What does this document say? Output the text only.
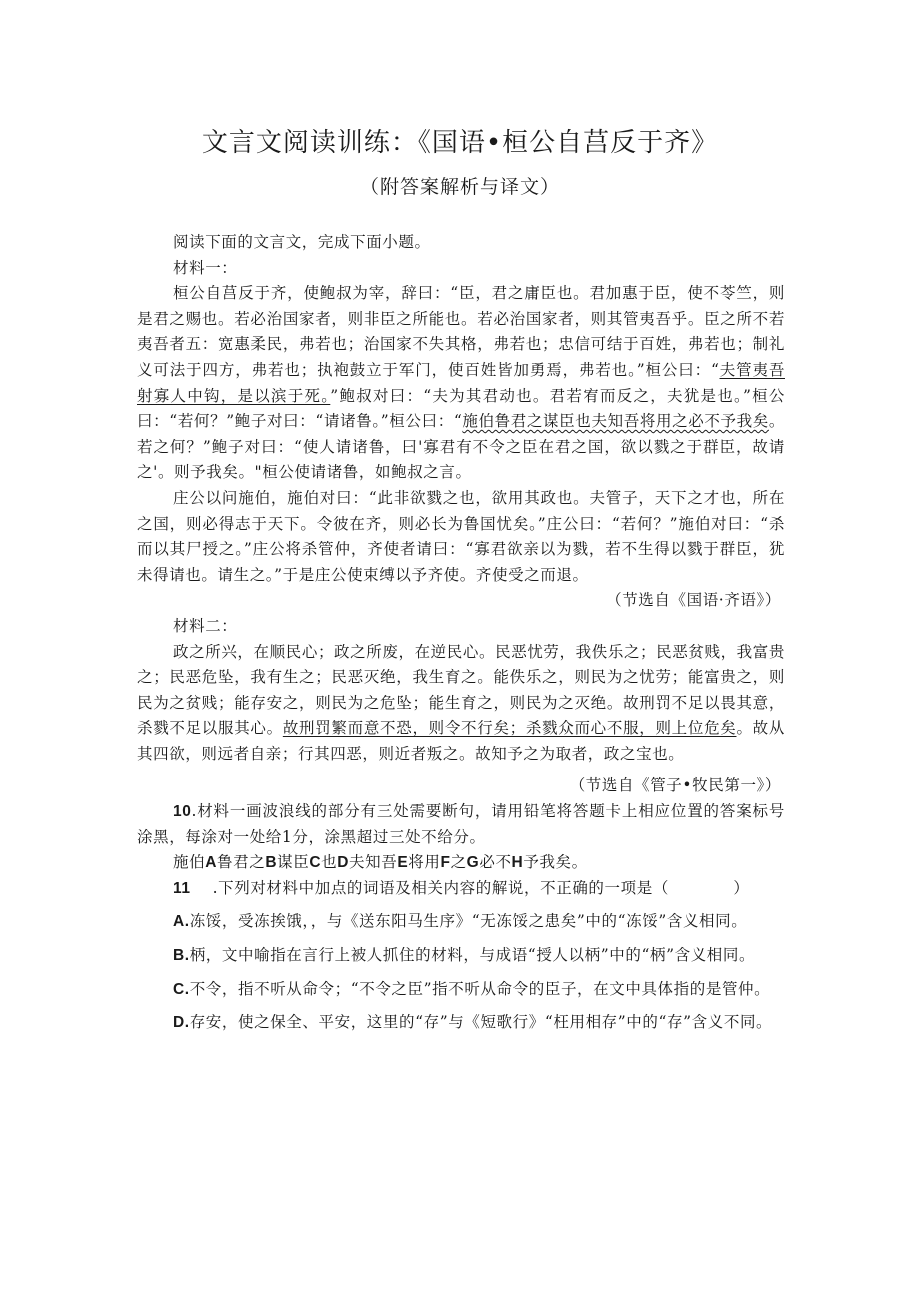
文言文阅读训练：《国语•桓公自莒反于齐》
（附答案解析与译文）

阅读下面的文言文，完成下面小题。

材料一：

桓公自莒反于齐，使鲍叔为宰，辞曰：“臣，君之庸臣也。君加惠于臣，使不苓竺，则是君之赐也。若必治国家者，则非臣之所能也。若必治国家者，则其管夷吾乎。臣之所不若夷吾者五：宽惠柔民，弗若也；治国家不失其格，弗若也；忠信可结于百姓，弗若也；制礼义可法于四方，弗若也；执袍鼓立于军门，使百姓皆加勇焉，弗若也。”桓公曰：“夫管夷吾射寡人中钩，是以滨于死。”鲍叔对曰：“夫为其君动也。君若宥而反之，夫犹是也。”桓公曰：“若何？”鲍子对曰：“请诸鲁。”桓公曰：“施伯鲁君之谋臣也夫知吾将用之必不予我矣。若之何？”鲍子对曰：“使人请诸鲁，曰'寡君有不令之臣在君之国，欲以戮之于群臣，故请之'。则予我矣。"桓公使请诸鲁，如鲍叔之言。

庄公以问施伯，施伯对曰：“此非欲戮之也，欲用其政也。夫管子，天下之才也，所在之国，则必得志于天下。令彼在齐，则必长为鲁国忧矣。”庄公曰：“若何？”施伯对曰：“杀而以其尸授之。”庄公将杀管仲，齐使者请曰：“寡君欲亲以为戮，若不生得以戮于群臣，犹未得请也。请生之。”于是庄公使束缚以予齐使。齐使受之而退。

（节选自《国语·齐语》）

材料二：

政之所兴，在顺民心；政之所废，在逆民心。民恶忧劳，我佚乐之；民恶贫贱，我富贵之；民恶危坠，我有生之；民恶灭绝，我生育之。能佚乐之，则民为之忧劳；能富贵之，则民为之贫贱；能存安之，则民为之危坠；能生育之，则民为之灭绝。故刑罚不足以畏其意，杀戮不足以服其心。故刑罚繁而意不恐，则令不行矣；杀戮众而心不服，则上位危矣。故从其四欲，则远者自亲；行其四恶，则近者叛之。故知予之为取者，政之宝也。

（节选自《管子•牧民第一》）

10.材料一画波浪线的部分有三处需要断句，请用铅笔将答题卡上相应位置的答案标号涂黑，每涂对一处给1分，涂黑超过三处不给分。

施伯A鲁君之B谋臣C也D夫知吾E将用F之G必不H予我矣。

11 .下列对材料中加点的词语及相关内容的解说，不正确的一项是（　　　　）

A.冻馁，受冻挨饿，，与《送东阳马生序》“无冻馁之患矣”中的“冻馁”含义相同。

B.柄，文中喻指在言行上被人抓住的材料，与成语“授人以柄”中的“柄”含义相同。

C.不令，指不听从命令；“不令之臣”指不听从命令的臣子，在文中具体指的是管仲。

D.存安，使之保全、平安，这里的“存”与《短歌行》“枉用相存”中的“存”含义不同。
